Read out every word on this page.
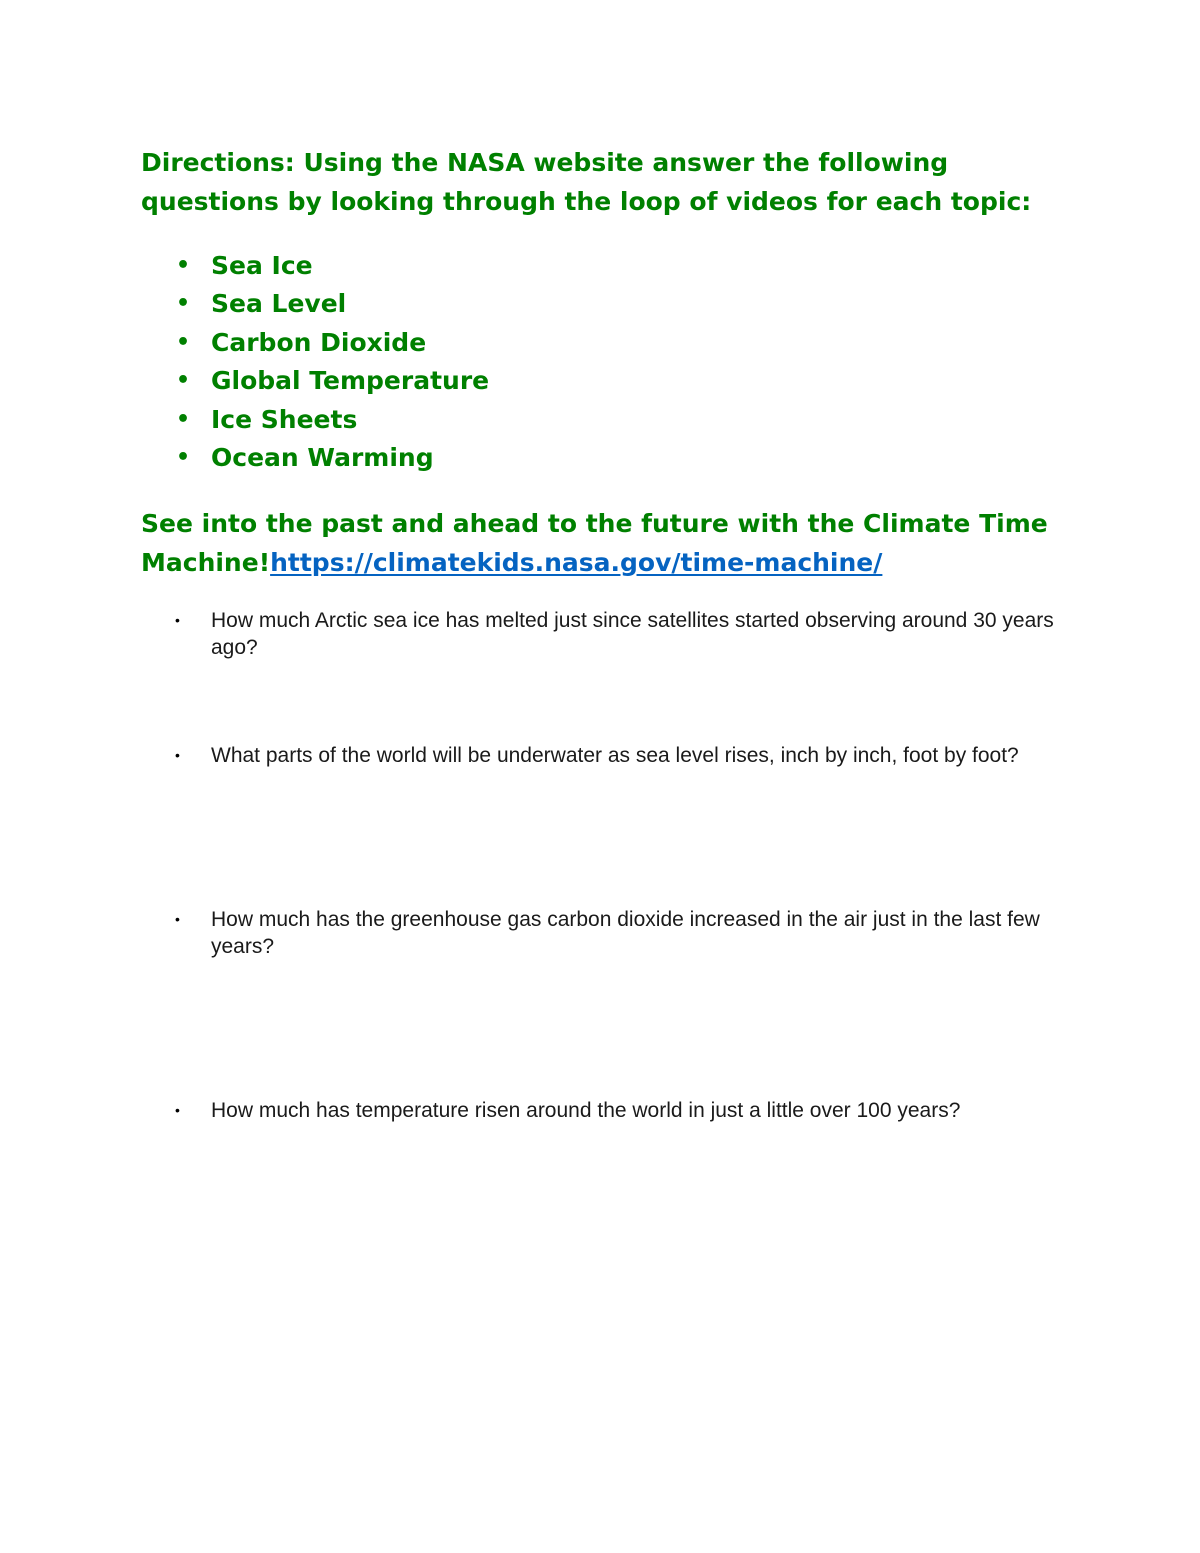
Directions: Using the NASA website answer the following questions by looking through the loop of videos for each topic:

• Sea Ice
• Sea Level
• Carbon Dioxide
• Global Temperature
• Ice Sheets
• Ocean Warming

See into the past and ahead to the future with the Climate Time Machine!https://climatekids.nasa.gov/time-machine/

• How much Arctic sea ice has melted just since satellites started observing around 30 years ago?
• What parts of the world will be underwater as sea level rises, inch by inch, foot by foot?
• How much has the greenhouse gas carbon dioxide increased in the air just in the last few years?
• How much has temperature risen around the world in just a little over 100 years?
